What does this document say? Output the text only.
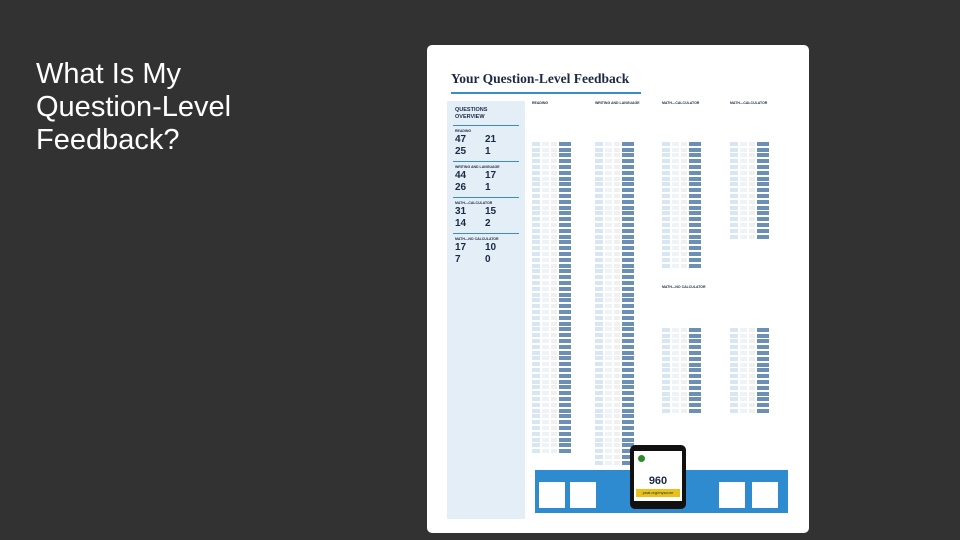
What Is My
Question-Level
Feedback?
Your Question-Level Feedback
QUESTIONS
OVERVIEW
READING
47	21
25	1
WRITING AND LANGUAGE
44	17
26	1
MATH—CALCULATOR
31	15
14	2
MATH—NO CALCULATOR
17	10
7	0
READING	WRITING AND LANGUAGE	MATH—CALCULATOR	MATH—CALCULATOR
MATH—NO CALCULATOR
960
psat.org/myscore
